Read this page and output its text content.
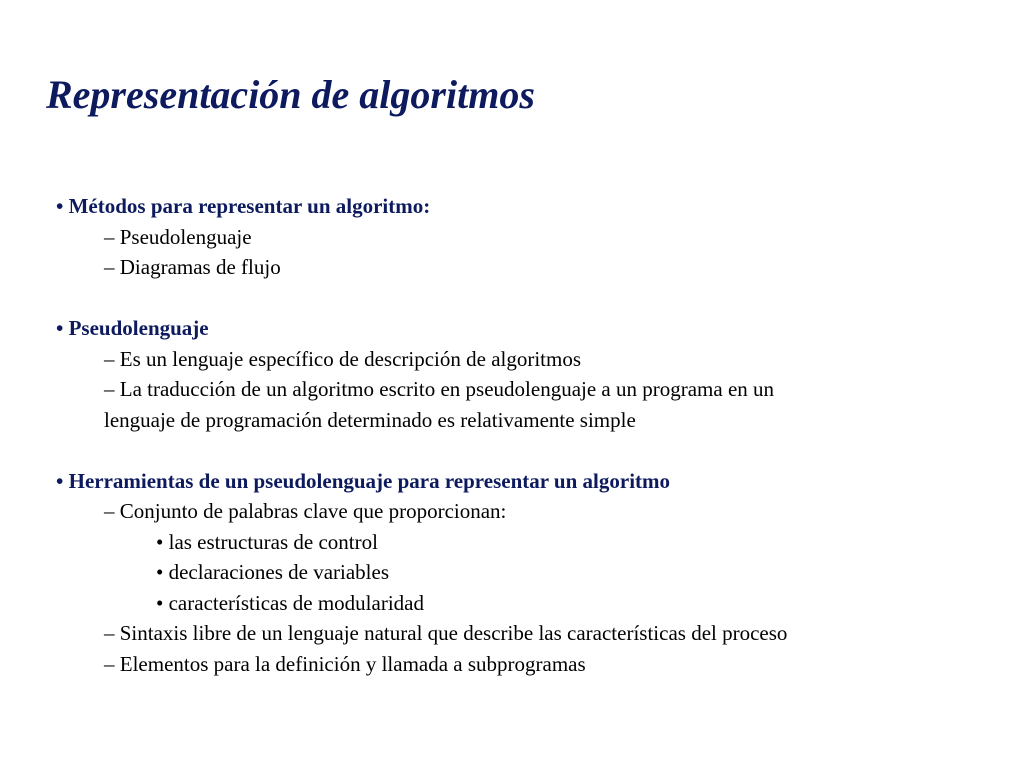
Representación de algoritmos
• Métodos para representar un algoritmo:
– Pseudolenguaje
– Diagramas de flujo
• Pseudolenguaje
– Es un lenguaje específico de descripción de algoritmos
– La traducción de un algoritmo escrito en pseudolenguaje a un programa en un
lenguaje de programación determinado es relativamente simple
• Herramientas de un pseudolenguaje para representar un algoritmo
– Conjunto de palabras clave que proporcionan:
• las estructuras de control
• declaraciones de variables
• características de modularidad
– Sintaxis libre de un lenguaje natural que describe las características del proceso
– Elementos para la definición y llamada a subprogramas
